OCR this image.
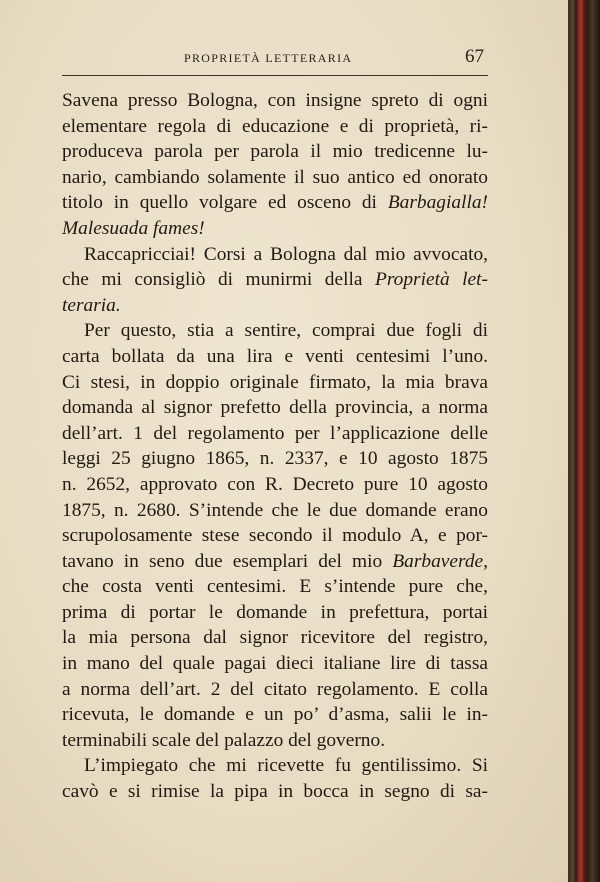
PROPRIETÀ LETTERARIA	67
Savena presso Bologna, con insigne spreto di ogni
elementare regola di educazione e di proprietà, ri-
produceva parola per parola il mio tredicenne lu-
nario, cambiando solamente il suo antico ed onorato
titolo in quello volgare ed osceno di Barbagialla!
Malesuada fames!
Raccapricciai! Corsi a Bologna dal mio avvocato,
che mi consigliò di munirmi della Proprietà let-
teraria.
Per questo, stia a sentire, comprai due fogli di
carta bollata da una lira e venti centesimi l’uno.
Ci stesi, in doppio originale firmato, la mia brava
domanda al signor prefetto della provincia, a norma
dell’art. 1 del regolamento per l’applicazione delle
leggi 25 giugno 1865, n. 2337, e 10 agosto 1875
n. 2652, approvato con R. Decreto pure 10 agosto
1875, n. 2680. S’intende che le due domande erano
scrupolosamente stese secondo il modulo A, e por-
tavano in seno due esemplari del mio Barbaverde,
che costa venti centesimi. E s’intende pure che,
prima di portar le domande in prefettura, portai
la mia persona dal signor ricevitore del registro,
in mano del quale pagai dieci italiane lire di tassa
a norma dell’art. 2 del citato regolamento. E colla
ricevuta, le domande e un po’ d’asma, salii le in-
terminabili scale del palazzo del governo.
L’impiegato che mi ricevette fu gentilissimo. Si
cavò e si rimise la pipa in bocca in segno di sa-
